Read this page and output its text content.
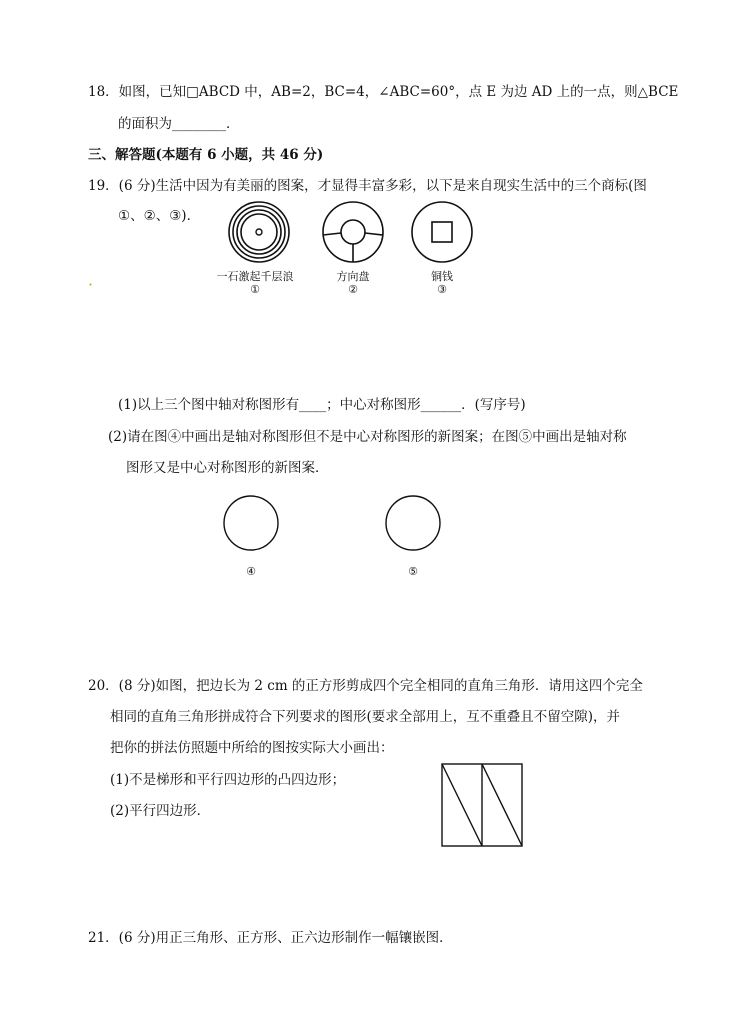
18．如图，已知□ABCD 中，AB=2，BC=4，∠ABC=60°，点 E 为边 AD 上的一点，则△BCE
的面积为________．
三、解答题(本题有 6 小题，共 46 分)
19．(6 分)生活中因为有美丽的图案，才显得丰富多彩，以下是来自现实生活中的三个商标(图
①、②、③)．
一石激起千层浪
①
方向盘
②
铜钱
③
(1)以上三个图中轴对称图形有____；中心对称图形______．(写序号)
(2)请在图④中画出是轴对称图形但不是中心对称图形的新图案；在图⑤中画出是轴对称
图形又是中心对称图形的新图案．
④	⑤
20．(8 分)如图，把边长为 2 cm 的正方形剪成四个完全相同的直角三角形．请用这四个完全
相同的直角三角形拼成符合下列要求的图形(要求全部用上，互不重叠且不留空隙)，并
把你的拼法仿照题中所给的图按实际大小画出：
(1)不是梯形和平行四边形的凸四边形；
(2)平行四边形．
21．(6 分)用正三角形、正方形、正六边形制作一幅镶嵌图．
